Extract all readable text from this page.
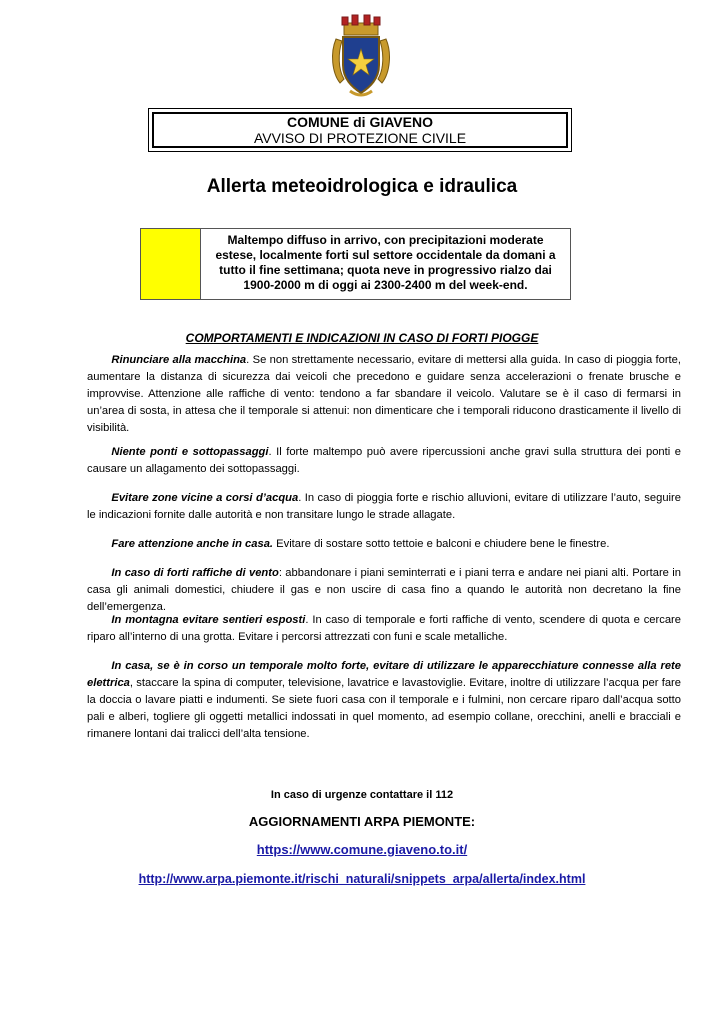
COMUNE di GIAVENO
AVVISO DI PROTEZIONE CIVILE
Allerta meteoidrologica e idraulica
Maltempo diffuso in arrivo, con precipitazioni moderate estese, localmente forti sul settore occidentale da domani a tutto il fine settimana; quota neve in progressivo rialzo dai 1900-2000 m di oggi ai 2300-2400 m del week-end.
COMPORTAMENTI E INDICAZIONI IN CASO DI FORTI PIOGGE

  Rinunciare alla macchina. Se non strettamente necessario, evitare di mettersi alla guida. In caso di pioggia forte, aumentare la distanza di sicurezza dai veicoli che precedono e guidare senza accelerazioni o frenate brusche e improvvise. Attenzione alle raffiche di vento: tendono a far sbandare il veicolo. Valutare se è il caso di fermarsi in un’area di sosta, in attesa che il temporale si attenui: non dimenticare che i temporali riducono drasticamente il livello di visibilità.

  Niente ponti e sottopassaggi. Il forte maltempo può avere ripercussioni anche gravi sulla struttura dei ponti e causare un allagamento dei sottopassaggi.

  Evitare zone vicine a corsi d’acqua. In caso di pioggia forte e rischio alluvioni, evitare di utilizzare l’auto, seguire le indicazioni fornite dalle autorità e non transitare lungo le strade allagate.

  Fare attenzione anche in casa. Evitare di sostare sotto tettoie e balconi e chiudere bene le finestre.

  In caso di forti raffiche di vento: abbandonare i piani seminterrati e i piani terra e andare nei piani alti. Portare in casa gli animali domestici, chiudere il gas e non uscire di casa fino a quando le autorità non decretano la fine dell’emergenza.

  In montagna evitare sentieri esposti. In caso di temporale e forti raffiche di vento, scendere di quota e cercare riparo all’interno di una grotta. Evitare i percorsi attrezzati con funi e scale metalliche.

  In casa, se è in corso un temporale molto forte, evitare di utilizzare le apparecchiature connesse alla rete elettrica, staccare la spina di computer, televisione, lavatrice e lavastoviglie. Evitare, inoltre di utilizzare l’acqua per fare la doccia o lavare piatti e indumenti. Se siete fuori casa con il temporale e i fulmini, non cercare riparo dall’acqua sotto pali e alberi, togliere gli oggetti metallici indossati in quel momento, ad esempio collane, orecchini, anelli e bracciali e rimanere lontani dai tralicci dell’alta tensione.

In caso di urgenze contattare il 112
AGGIORNAMENTI ARPA PIEMONTE:
https://www.comune.giaveno.to.it/
http://www.arpa.piemonte.it/rischi_naturali/snippets_arpa/allerta/index.html
